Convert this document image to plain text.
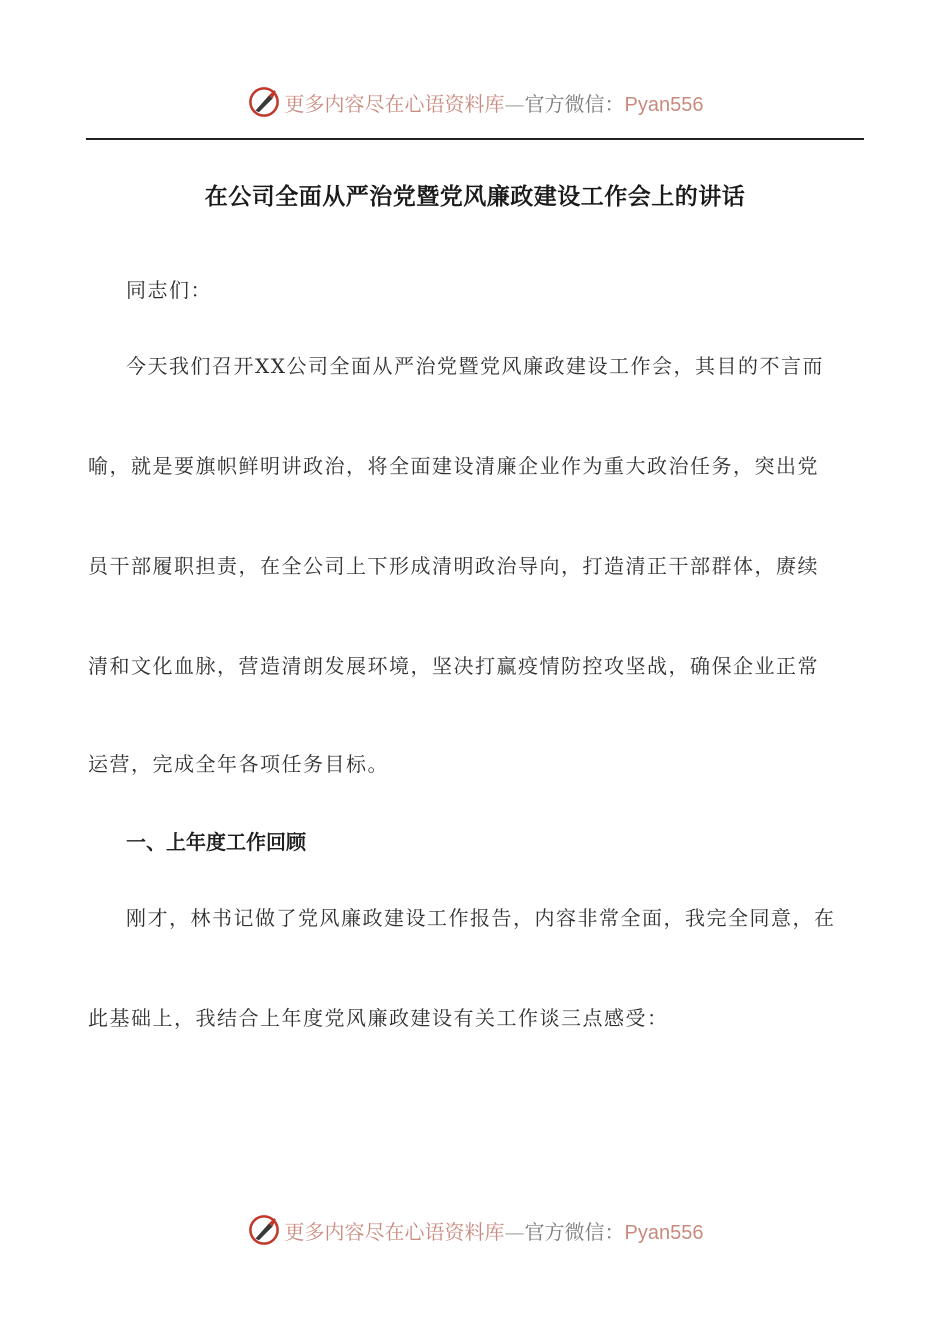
更多内容尽在心语资料库—官方微信：Pyan556
在公司全面从严治党暨党风廉政建设工作会上的讲话
同志们：
今天我们召开XX公司全面从严治党暨党风廉政建设工作会，其目的不言而
喻，就是要旗帜鲜明讲政治，将全面建设清廉企业作为重大政治任务，突出党
员干部履职担责，在全公司上下形成清明政治导向，打造清正干部群体，赓续
清和文化血脉，营造清朗发展环境，坚决打赢疫情防控攻坚战，确保企业正常
运营，完成全年各项任务目标。
一、上年度工作回顾
刚才，林书记做了党风廉政建设工作报告，内容非常全面，我完全同意，在
此基础上，我结合上年度党风廉政建设有关工作谈三点感受：
更多内容尽在心语资料库—官方微信：Pyan556
